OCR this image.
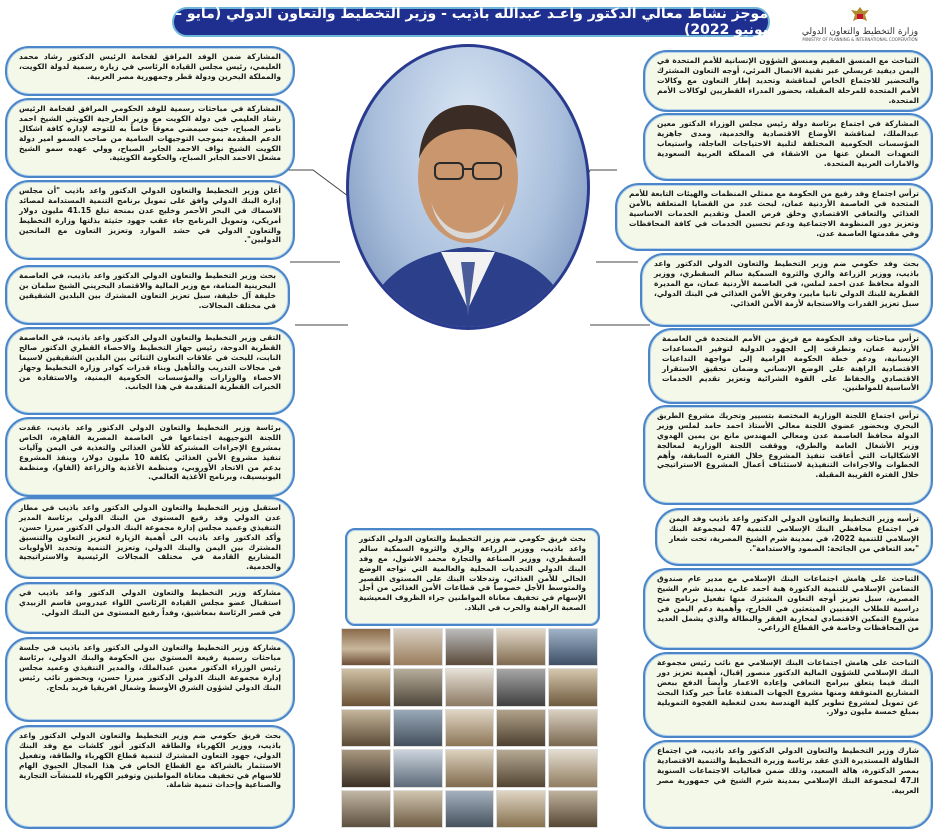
موجز نشاط معالي الدكتور واعـد عبدالله باذيب - وزير التخطيط والتعاون الدولي (مايو – يونيو 2022)	وزارة التخطيط والتعاون الدولي
MINISTRY OF PLANNING & INTERNATIONAL COOPERATION
المشاركة ضمن الوفد المرافق لفخامة الرئيس الدكتور رشاد محمد العليمي، رئيس مجلس القيادة الرئاسي في زيارة رسمية لدولة الكويت، والمملكة البحرين ودولة قطر وجمهورية مصر العربية.
المشاركة في مباحثات رسمية للوفد الحكومي المرافق لفخامة الرئيس رشاد العليمي في دولة الكويت مع وزير الخارجية الكويتي الشيخ احمد ناصر الصباح، حيث سيمضي معوقاً خاصاً به للتوجه لإدارة كافة اشكال الدعم المقدمة بموجب التوجيهات السامية من صاحب السمو امير دولة الكويت الشيخ نواف الاحمد الجابر الصباح، وولي عهده سمو الشيخ مشعل الاحمد الجابر الصباح، والحكومة الكويتية.
أعلن وزير التخطيط والتعاون الدولي الدكتور واعد باذيب "أن مجلس إدارة البنك الدولي وافق على تمويل برنامج التنمية المستدامة لمصائد الاسماك في البحر الأحمر وخليج عدن بمنحة تبلغ 41.15 مليون دولار أمريكي، وتمويل البرنامج جاء عقب جهود حثيثة بذلتها وزارة التخطيط والتعاون الدولي في حشد الموارد وتعزيز التعاون مع المانحين الدوليين".
بحث وزير التخطيط والتعاون الدولي الدكتور واعد باذيب، في العاصمة البحرينية المنامة، مع وزير المالية والاقتصاد البحريني الشيخ سلمان بن خليفة آل خليفة، سبل تعزيز التعاون المشترك بين البلدين الشقيقين في مختلف المجالات.
التقى وزير التخطيط والتعاون الدولي الدكتور واعد باذيب، في العاصمة القطرية الدوحة، رئيس جهاز التخطيط والاحصاء القطري الدكتور صالح النابت، للبحث في علاقات التعاون الثنائي بين البلدين الشقيقين لاسيما في مجالات التدريب والتأهيل وبناء قدرات كوادر وزارة التخطيط وجهاز الاحصاء والوزارات والمؤسسات الحكومية اليمنية، والاستفادة من الخبرات القطرية المتقدمة في هذا الجانب.
برئاسة وزير التخطيط والتعاون الدولي الدكتور واعد باذيب، عقدت اللجنة التوجيهية اجتماعها في العاصمة المصرية القاهرة، الخاص بمشروع الإجراءات المشتركة للأمن الغذائي والتغذية في اليمن وآليات تنفيذ مشروع الأمن الغذائي بكلفة 10 مليون دولار، وينفذ المشروع بدعم من الاتحاد الأوروبي، ومنظمة الأغذية والزراعة (الفاو)، ومنظمة اليونيسيف، وبرنامج الأغذية العالمي.
استقبل وزير التخطيط والتعاون الدولي الدكتور واعد باذيب في مطار عدن الدولي وفد رفيع المستوى من البنك الدولي برئاسة المدير التنفيذي وعميد مجلس إدارة مجموعة البنك الدولي الدكتور ميرزا حسن، وأكد الدكتور واعد باذيب الى أهمية الزيارة لتعزيز التعاون والتنسيق المشترك بين اليمن والبنك الدولي، وتعزيز التنمية وتحديد الأولويات المشاريع القادمة في مختلف المجالات الرئيسية والاستراتيجية والخدمية.
مشاركة وزير التخطيط والتعاون الدولي الدكتور واعد باذيب في استقبال عضو مجلس القيادة الرئاسي اللواء عيدروس قاسم الزبيدي في قصر الرئاسة بمعاشيق، وفداً رفيع المستوى من البنك الدولي.
مشاركة وزير التخطيط والتعاون الدولي الدكتور واعد باذيب في جلسة مباحثات رسمية رفيعة المستوى بين الحكومة والبنك الدولي، برئاسة رئيس الوزراء الدكتور معين عبدالملك، والمدير التنفيذي وعميد مجلس إدارة مجموعة البنك الدولي الدكتور ميرزا حسن، وبحضور نائب رئيس البنك الدولي لشؤون الشرق الأوسط وشمال افريقيا فريد بلحاج.
بحث فريق حكومي ضم وزير التخطيط والتعاون الدولي الدكتور واعد باذيب، ووزير الكهرباء والطاقة الدكتور أنور كلشات مع وفد البنك الدولي، جهود التعاون المشترك لتنمية قطاع الكهرباء والطاقة، وتفعيل الاستثمار بالشراكة مع القطاع الخاص في هذا المجال الحيوي الهام للاسهام في تخفيف معاناة المواطنين وتوفير الكهرباء للمنشآت التجارية والصناعية وإحداث تنمية شاملة.
التباحث مع المنسق المقيم ومنسق الشؤون الإنسانية للأمم المتحدة في اليمن ديفيد غريسلي عبر تقنية الاتصال المرئي، أوجه التعاون المشترك والتحضير للاجتماع الخاص لمناقشة وتحديد إطار التعاون مع وكالات الأمم المتحدة للمرحلة المقبلة، بحضور المدراء القطريين لوكالات الأمم المتحدة.
المشاركة في اجتماع برئاسة دولة رئيس مجلس الوزراء الدكتور معين عبدالملك، لمناقشة الأوضاع الاقتصادية والخدمية، ومدى جاهزية المؤسسات الحكومية المختلفة لتلبية الاحتياجات العاجلة، واستيعاب التعهدات المعلن عنها من الاشقاء في المملكة العربية السعودية والامارات العربية المتحدة.
ترأس اجتماع وفد رفيع من الحكومة مع ممثلي المنظمات والهيئات التابعة للأمم المتحدة في العاصمة الأردنية عمان، لبحث عدد من القضايا المتعلقة بالأمن الغذائي والتعافي الاقتصادي وخلق فرص العمل وتقديم الخدمات الاساسية وتعزيز دور المنظومة الاجتماعية ودعم تحسين الخدمات في كافة المحافظات وفي مقدمتها العاصمة عدن.
بحث وفد حكومي ضم وزير التخطيط والتعاون الدولي الدكتور واعد باذيب، ووزير الزراعة والري والثروة السمكية سالم السقطري، ووزير الدولة محافظ عدن احمد لملس، في العاصمة الأردنية عمان، مع المديرة القطرية للبنك الدولي تانيا مايير، وفريق الأمن الغذائي في البنك الدولي، سبل تعزيز القدرات والاستجابة لأزمة الأمن الغذائي.
ترأس مباحثات وفد الحكومة مع فريق من الأمم المتحدة في العاصمة الأردنية عمان، وتطرقت إلى الجهود الدولية لتوفير المساعدات الإنسانية، ودعم خطة الحكومة الرامية إلى مواجهة التداعيات الاقتصادية الراهنة على الوضع الإنساني وضمان تحقيق الاستقرار الاقتصادي والحفاظ على القوة الشرائية وتعزيز تقديم الخدمات الأساسية للمواطنين.
ترأس اجتماع اللجنة الوزارية المختصة بتسيير وتحريك مشروع الطريق البحري وبحضور عضوي اللجنة معالي الأستاذ احمد حامد لملس وزير الدولة محافظ العاصمة عدن ومعالي المهندس مانع بن يمين الهدوي وزير الأشغال العامة والطرق، ووقفت اللجنة الوزارية لمعالجة الاشكاليات التي أعاقت تنفيذ المشروع خلال الفترة السابقة، وأهم الخطوات والاجراءات التنفيذية لاستئناف أعمال المشروع الاستراتيجي خلال الفترة القريبة المقبلة.
ترأسه وزير التخطيط والتعاون الدولي الدكتور واعد باذيب وفد اليمن في اجتماع محافظي البنك الإسلامي للتنمية 47 لمجموعة البنك الإسلامي للتنمية 2022، في بمدينة شرم الشيخ المصرية، تحت شعار "بعد التعافي من الجائحة: الصمود والاستدامة".
التباحث على هامش اجتماعات البنك الإسلامي مع مدير عام صندوق التضامن الإسلامي للتنمية الدكتورة هبة احمد علي، بمدينة شرم الشيخ المصرية، سبل تعزيز أوجه التعاون المشترك منها تفعيل برنامج منح دراسية للطلاب اليمنيين المبتعثين في الخارج، وأهمية دعم اليمن في مشروع التمكين الاقتصادي لمحاربة الفقر والبطالة والذي يشمل العديد من المحافظات وخاصة في القطاع الزراعي.
التباحث على هامش اجتماعات البنك الإسلامي مع نائب رئيس مجموعة البنك الإسلامي للشؤون المالية الدكتور منصور إقبال، أهمية تعزيز دور البنك فيما يتعلق ببرامج التعافي وإعادة الاعمار وأيضاً الدفع ببعض المشاريع المتوقفة ومنها مشروع الجهات المنفذة عاماً خير وكذا البحث عن تمويل لمشروع تطوير كلية الهندسة بعدن لتغطية الفجوة التمويلية بمبلغ خمسة مليون دولار.
شارك وزير التخطيط والتعاون الدولي الدكتور واعد باذيب، في اجتماع الطاولة المستديرة الذي عقد برئاسة وزيرة التخطيط والتنمية الاقتصادية بمصر الدكتورة، هالة السعيد، وذلك ضمن فعاليات الاجتماعات السنوية الـ47 لمجموعة البنك الإسلامي بمدينة شرم الشيخ في جمهورية مصر العربية.
بحث فريق حكومي ضم وزير التخطيط والتعاون الدولي الدكتور واعد باذيب، ووزير الزراعة والري والثروة السمكية سالم السقطري، ووزير الصناعة والتجارة محمد الاشول، مع وفد البنك الدولي التحديات المحلية والعالمية التي تواجه الوضع الحالي للأمن الغذائي، وتدخلات البنك على المستوى القصير والمتوسط الأجل خصوصاً في قطاعات الأمن الغذائي من أجل الإسهام في تخفيف معاناة المواطنين جراء الظروف المعيشية الصعبة الراهنة والحرب في البلاد.
